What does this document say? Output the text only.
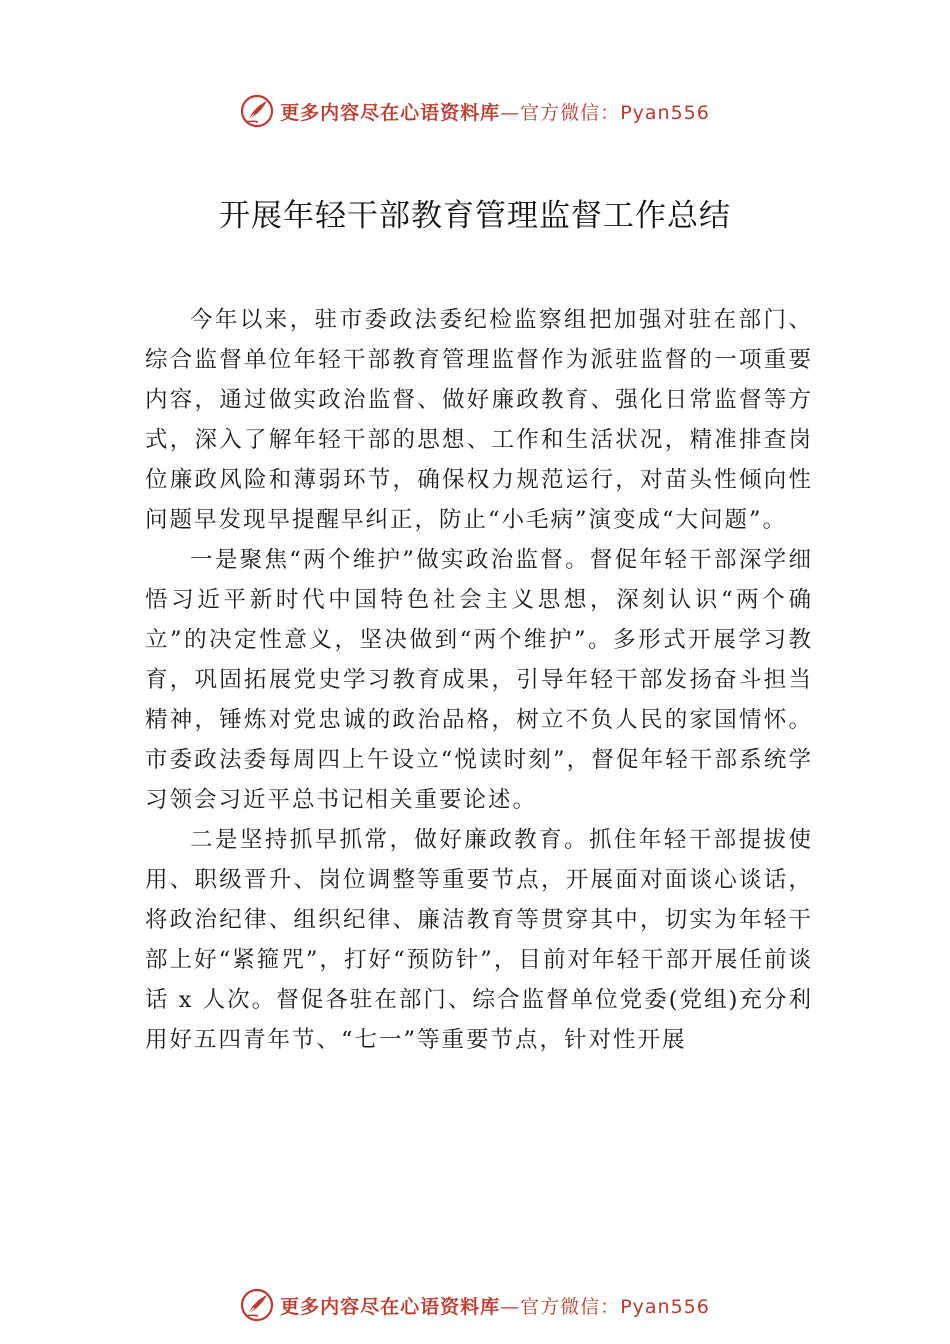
更多内容尽在心语资料库—官方微信：Pyan556
开展年轻干部教育管理监督工作总结

今年以来，驻市委政法委纪检监察组把加强对驻在部门、综合监督单位年轻干部教育管理监督作为派驻监督的一项重要内容，通过做实政治监督、做好廉政教育、强化日常监督等方式，深入了解年轻干部的思想、工作和生活状况，精准排查岗位廉政风险和薄弱环节，确保权力规范运行，对苗头性倾向性问题早发现早提醒早纠正，防止“小毛病”演变成“大问题”。

一是聚焦“两个维护”做实政治监督。督促年轻干部深学细悟习近平新时代中国特色社会主义思想，深刻认识“两个确立”的决定性意义，坚决做到“两个维护”。多形式开展学习教育，巩固拓展党史学习教育成果，引导年轻干部发扬奋斗担当精神，锤炼对党忠诚的政治品格，树立不负人民的家国情怀。市委政法委每周四上午设立“悦读时刻”，督促年轻干部系统学习领会习近平总书记相关重要论述。

二是坚持抓早抓常，做好廉政教育。抓住年轻干部提拔使用、职级晋升、岗位调整等重要节点，开展面对面谈心谈话，将政治纪律、组织纪律、廉洁教育等贯穿其中，切实为年轻干部上好“紧箍咒”，打好“预防针”，目前对年轻干部开展任前谈话 x 人次。督促各驻在部门、综合监督单位党委(党组)充分利用好五四青年节、“七一”等重要节点，针对性开展

更多内容尽在心语资料库—官方微信：Pyan556
